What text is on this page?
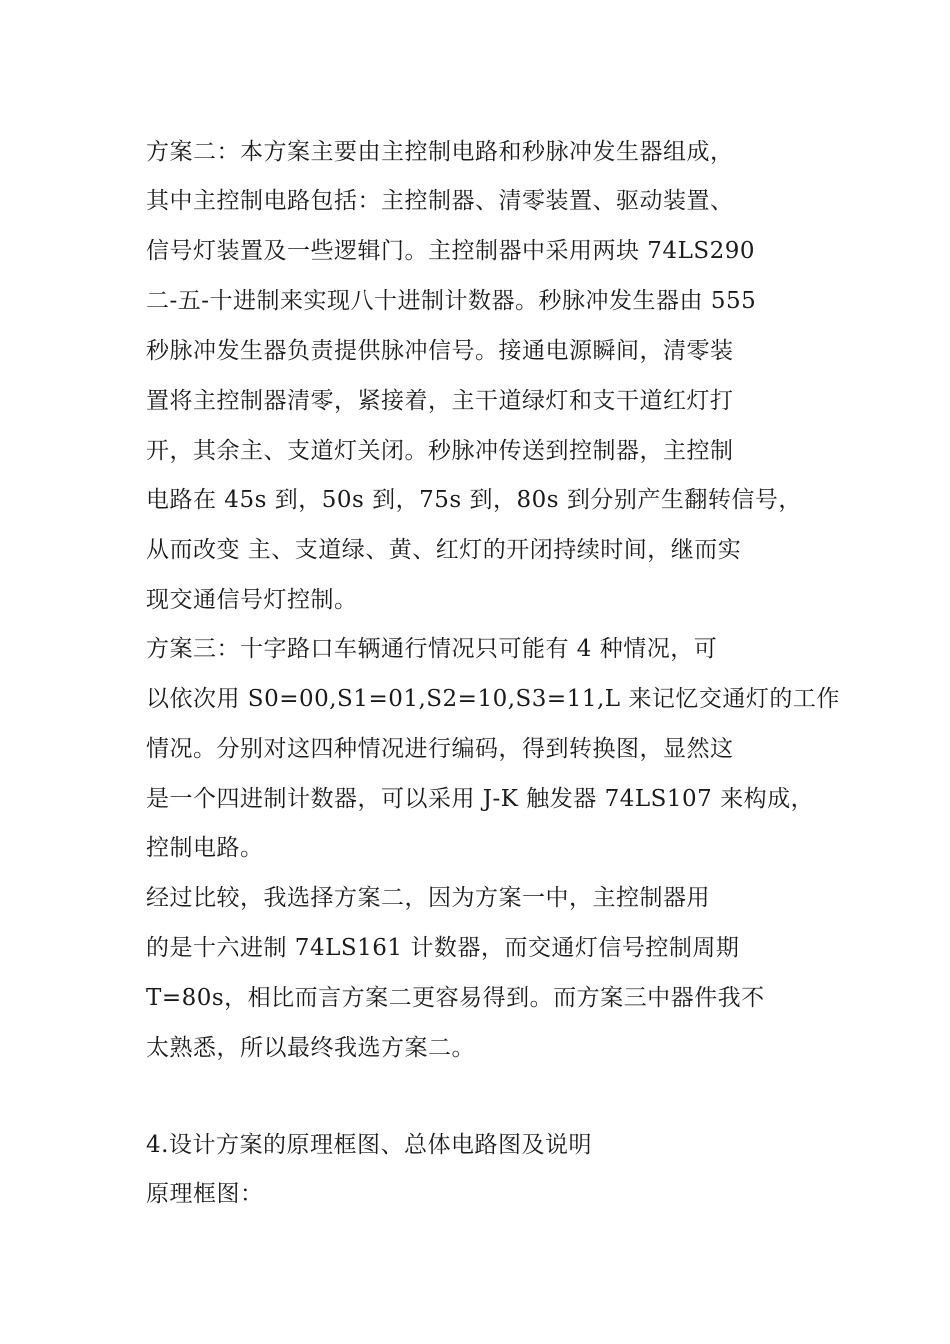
方案二：本方案主要由主控制电路和秒脉冲发生器组成，
其中主控制电路包括：主控制器、清零装置、驱动装置、
信号灯装置及一些逻辑门。主控制器中采用两块 74LS290
二-五-十进制来实现八十进制计数器。秒脉冲发生器由 555
秒脉冲发生器负责提供脉冲信号。接通电源瞬间，清零装
置将主控制器清零，紧接着，主干道绿灯和支干道红灯打
开，其余主、支道灯关闭。秒脉冲传送到控制器，主控制
电路在 45s 到，50s 到，75s 到，80s 到分别产生翻转信号，
从而改变 主、支道绿、黄、红灯的开闭持续时间，继而实
现交通信号灯控制。
方案三：十字路口车辆通行情况只可能有 4 种情况，可
以依次用 S0=00,S1=01,S2=10,S3=11,L 来记忆交通灯的工作
情况。分别对这四种情况进行编码，得到转换图，显然这
是一个四进制计数器，可以采用 J-K 触发器 74LS107 来构成，
控制电路。
经过比较，我选择方案二，因为方案一中，主控制器用
的是十六进制 74LS161 计数器，而交通灯信号控制周期
T=80s，相比而言方案二更容易得到。而方案三中器件我不
太熟悉，所以最终我选方案二。
4.设计方案的原理框图、总体电路图及说明
原理框图：
